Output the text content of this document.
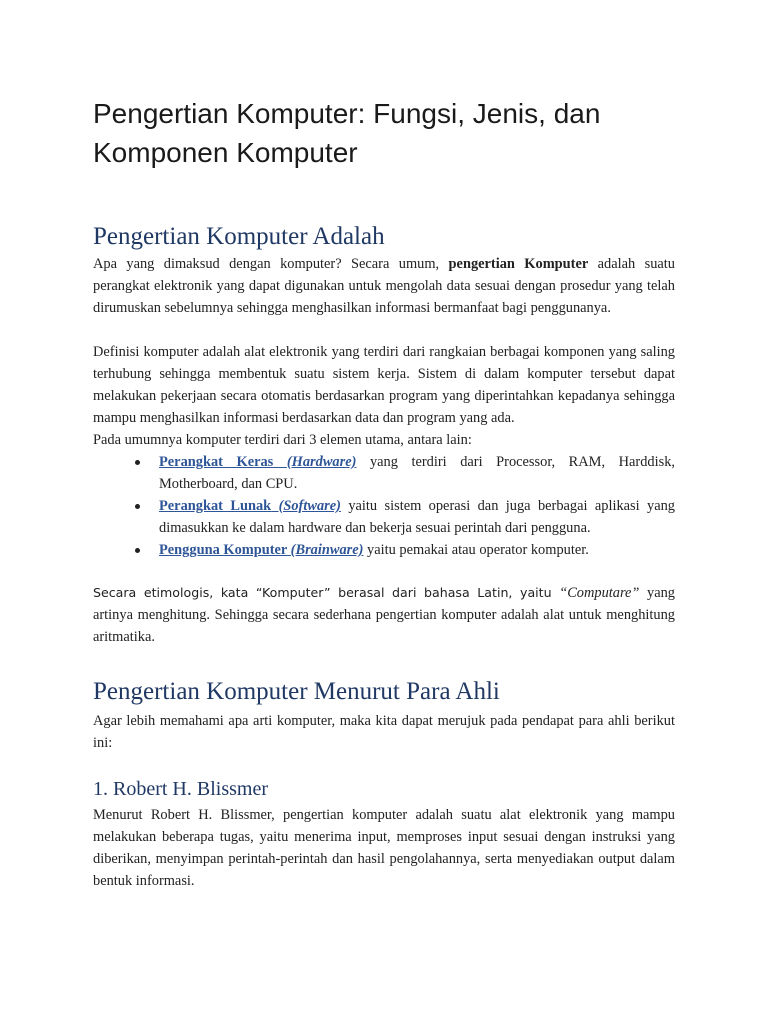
Pengertian Komputer: Fungsi, Jenis, dan Komponen Komputer
Pengertian Komputer Adalah

Apa yang dimaksud dengan komputer? Secara umum, pengertian Komputer adalah suatu perangkat elektronik yang dapat digunakan untuk mengolah data sesuai dengan prosedur yang telah dirumuskan sebelumnya sehingga menghasilkan informasi bermanfaat bagi penggunanya.

Definisi komputer adalah alat elektronik yang terdiri dari rangkaian berbagai komponen yang saling terhubung sehingga membentuk suatu sistem kerja. Sistem di dalam komputer tersebut dapat melakukan pekerjaan secara otomatis berdasarkan program yang diperintahkan kepadanya sehingga mampu menghasilkan informasi berdasarkan data dan program yang ada.

Pada umumnya komputer terdiri dari 3 elemen utama, antara lain:

Perangkat Keras (Hardware) yang terdiri dari Processor, RAM, Harddisk, Motherboard, dan CPU.
Perangkat Lunak (Software) yaitu sistem operasi dan juga berbagai aplikasi yang dimasukkan ke dalam hardware dan bekerja sesuai perintah dari pengguna.
Pengguna Komputer (Brainware) yaitu pemakai atau operator komputer.

Secara etimologis, kata “Komputer” berasal dari bahasa Latin, yaitu “Computare” yang artinya menghitung. Sehingga secara sederhana pengertian komputer adalah alat untuk menghitung aritmatika.

Pengertian Komputer Menurut Para Ahli

Agar lebih memahami apa arti komputer, maka kita dapat merujuk pada pendapat para ahli berikut ini:

1. Robert H. Blissmer

Menurut Robert H. Blissmer, pengertian komputer adalah suatu alat elektronik yang mampu melakukan beberapa tugas, yaitu menerima input, memproses input sesuai dengan instruksi yang diberikan, menyimpan perintah-perintah dan hasil pengolahannya, serta menyediakan output dalam bentuk informasi.
